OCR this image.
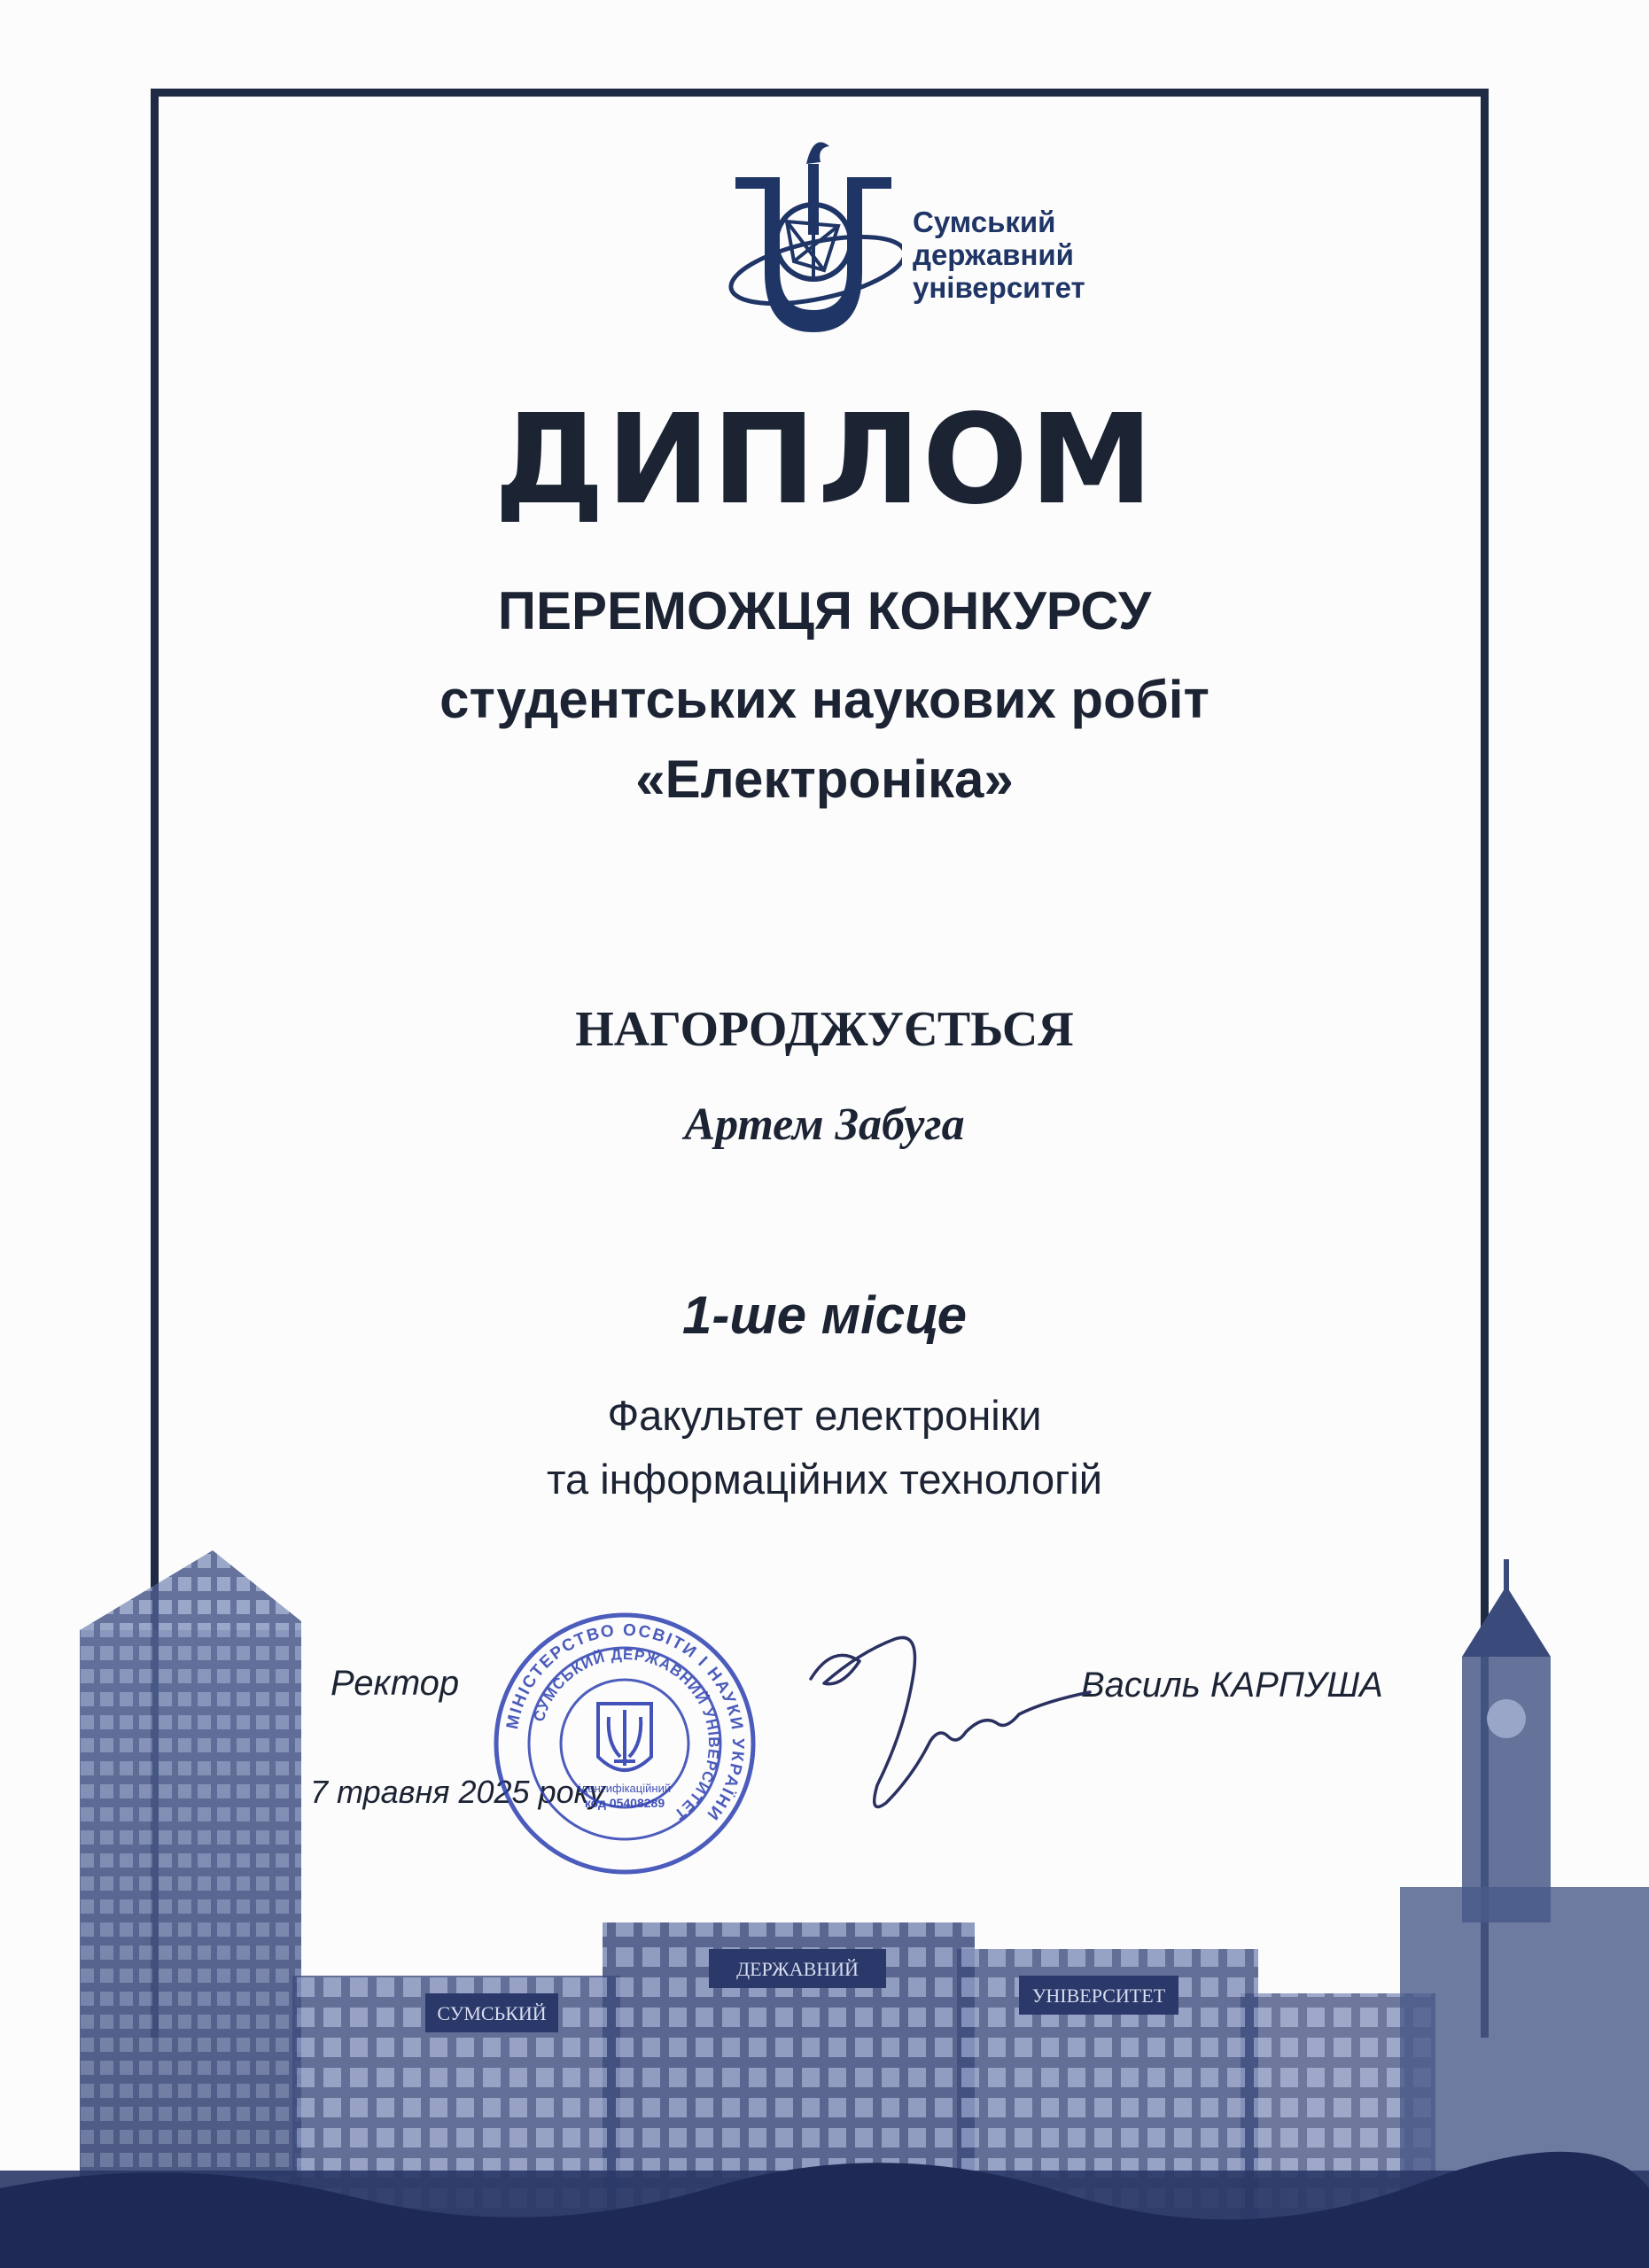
Сумський
державний
університет
ДИПЛОМ
ПЕРЕМОЖЦЯ КОНКУРСУ
студентських наукових робіт
«Електроніка»
НАГОРОДЖУЄТЬСЯ
Артем Забуга
1-ше місце
Факультет електроніки
та інформаційних технологій
СУМСЬКИЙ
ДЕРЖАВНИЙ
УНІВЕРСИТЕТ
Ректор
7 травня 2025 року
Василь КАРПУША
МІНІСТЕРСТВО ОСВІТИ І НАУКИ УКРАЇНИ
СУМСЬКИЙ ДЕРЖАВНИЙ УНІВЕРСИТЕТ
ідентифікаційний
код 05408289
